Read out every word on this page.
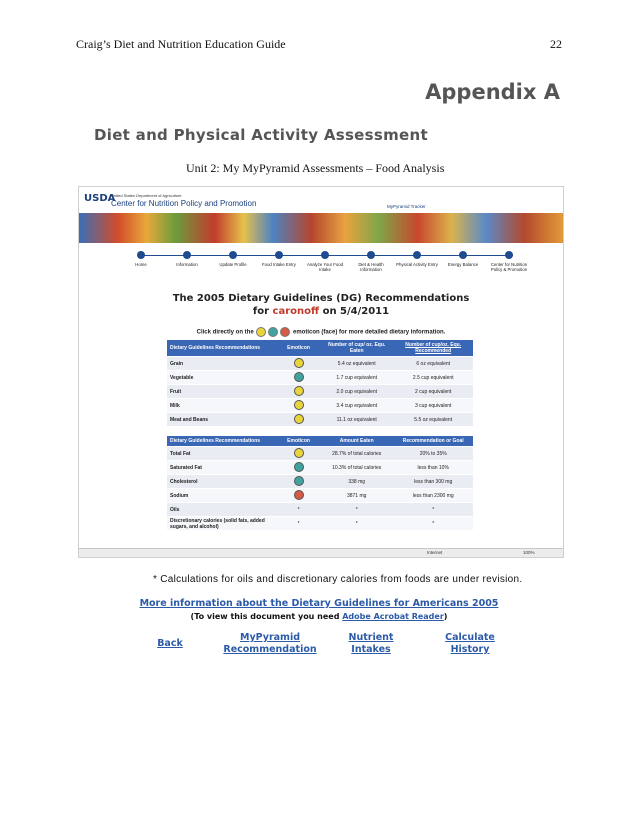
Craig’s Diet and Nutrition Education Guide	22
Appendix A
Diet and Physical Activity Assessment
Unit 2: My MyPyramid Assessments – Food Analysis
USDA
United States Department of Agriculture
Center for Nutrition Policy and Promotion	MyPyramid Tracker
Home	Information	Update Profile	Food Intake Entry	Analyze Your Food Intake
Diet & Health Information
Physical Activity Entry	Energy Balance	Center for Nutrition Policy & Promotion
The 2005 Dietary Guidelines (DG) Recommendations
for caronoff on 5/4/2011
Click directly on the	emoticon (face) for more detailed dietary information.
Dietary Guidelines Recommendations	Emoticon	Number of cup/ oz. Equ. Eaten	Number of cup/oz. Equ. Recommended
Grain		5.4 oz equivalent	6 oz equivalent
Vegetable		1.7 cup equivalent	2.5 cup equivalent
Fruit		2.0 cup equivalent	2 cup equivalent
Milk		3.4 cup equivalent	3 cup equivalent
Meat and Beans		11.1 oz equivalent	5.5 oz equivalent
Dietary Guidelines Recommendations	Emoticon	Amount Eaten	Recommendation or Goal
Total Fat		28.7% of total calories	20% to 35%
Saturated Fat		10.3% of total calories	less than 10%
Cholesterol		338 mg	less than 300 mg
Sodium		3871 mg	less than 2300 mg
Oils	*	*	*
Discretionary calories (solid fats, added sugars, and alcohol)	*	*	*
Internet	100%
* Calculations for oils and discretionary calories from foods are under revision.
More information about the Dietary Guidelines for Americans 2005
(To view this document you need Adobe Acrobat Reader)
Back
MyPyramid Recommendation
Nutrient Intakes
Calculate History
